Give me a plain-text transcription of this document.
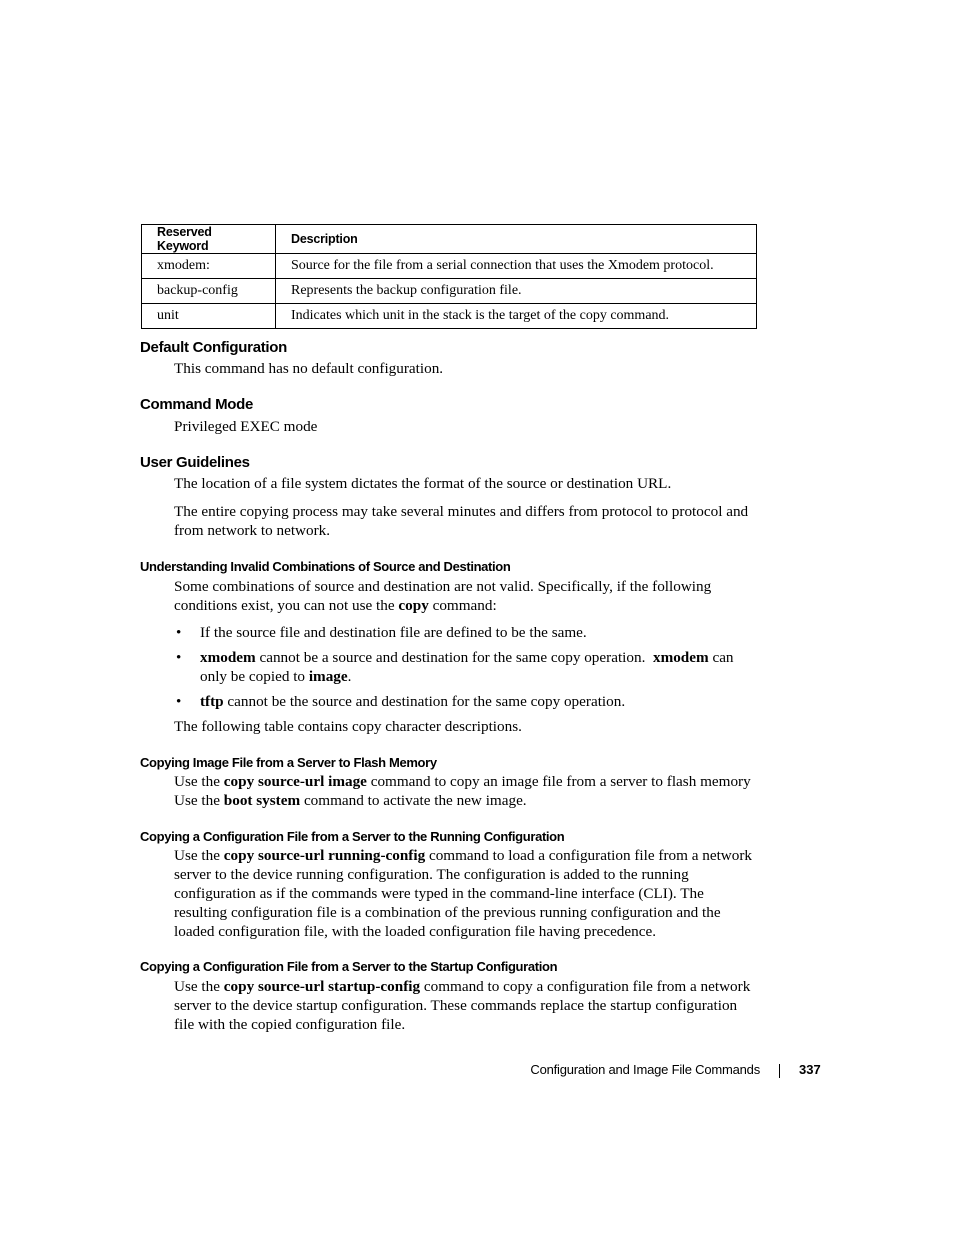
Reserved Keyword	Description
xmodem:	Source for the file from a serial connection that uses the Xmodem protocol.
backup-config	Represents the backup configuration file.
unit	Indicates which unit in the stack is the target of the copy command.
Default Configuration

This command has no default configuration.

Command Mode

Privileged EXEC mode

User Guidelines

The location of a file system dictates the format of the source or destination URL.

The entire copying process may take several minutes and differs from protocol to protocol and from network to network.

Understanding Invalid Combinations of Source and Destination

Some combinations of source and destination are not valid. Specifically, if the following conditions exist, you can not use the copy command:

• If the source file and destination file are defined to be the same.
• xmodem cannot be a source and destination for the same copy operation.  xmodem can only be copied to image.
• tftp cannot be the source and destination for the same copy operation.

The following table contains copy character descriptions.

Copying Image File from a Server to Flash Memory

Use the copy source-url image command to copy an image file from a server to flash memory Use the boot system command to activate the new image.

Copying a Configuration File from a Server to the Running Configuration

Use the copy source-url running-config command to load a configuration file from a network server to the device running configuration. The configuration is added to the running configuration as if the commands were typed in the command-line interface (CLI). The resulting configuration file is a combination of the previous running configuration and the loaded configuration file, with the loaded configuration file having precedence.

Copying a Configuration File from a Server to the Startup Configuration

Use the copy source-url startup-config command to copy a configuration file from a network server to the device startup configuration. These commands replace the startup configuration file with the copied configuration file.

Configuration and Image File Commands	337
